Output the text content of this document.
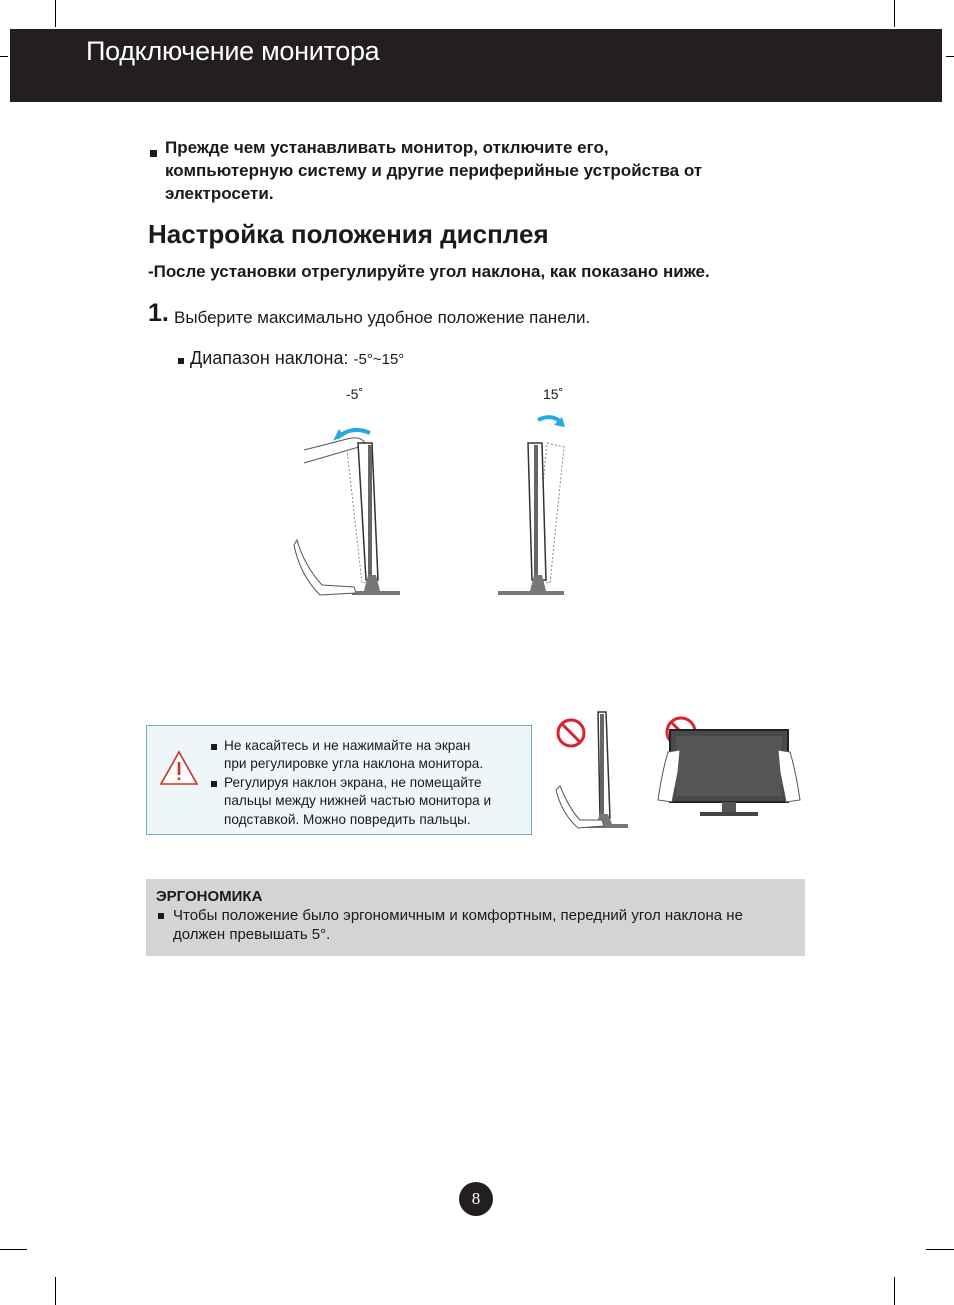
Подключение монитора
Прежде чем устанавливать монитор, отключите его,
компьютерную систему и другие периферийные устройства от
электросети.
Настройка положения дисплея
-После установки отрегулируйте угол наклона, как показано ниже.
1. Выберите максимально удобное положение панели.
Диапазон наклона: -5°~15°
-5˚	15˚
Не касайтесь и не нажимайте на экран
при регулировке угла наклона монитора.
Регулируя наклон экрана, не помещайте
пальцы между нижней частью монитора и
подставкой. Можно повредить пальцы.
ЭРГОНОМИКА
Чтобы положение было эргономичным и комфортным, передний угол наклона не должен превышать 5°.
8
